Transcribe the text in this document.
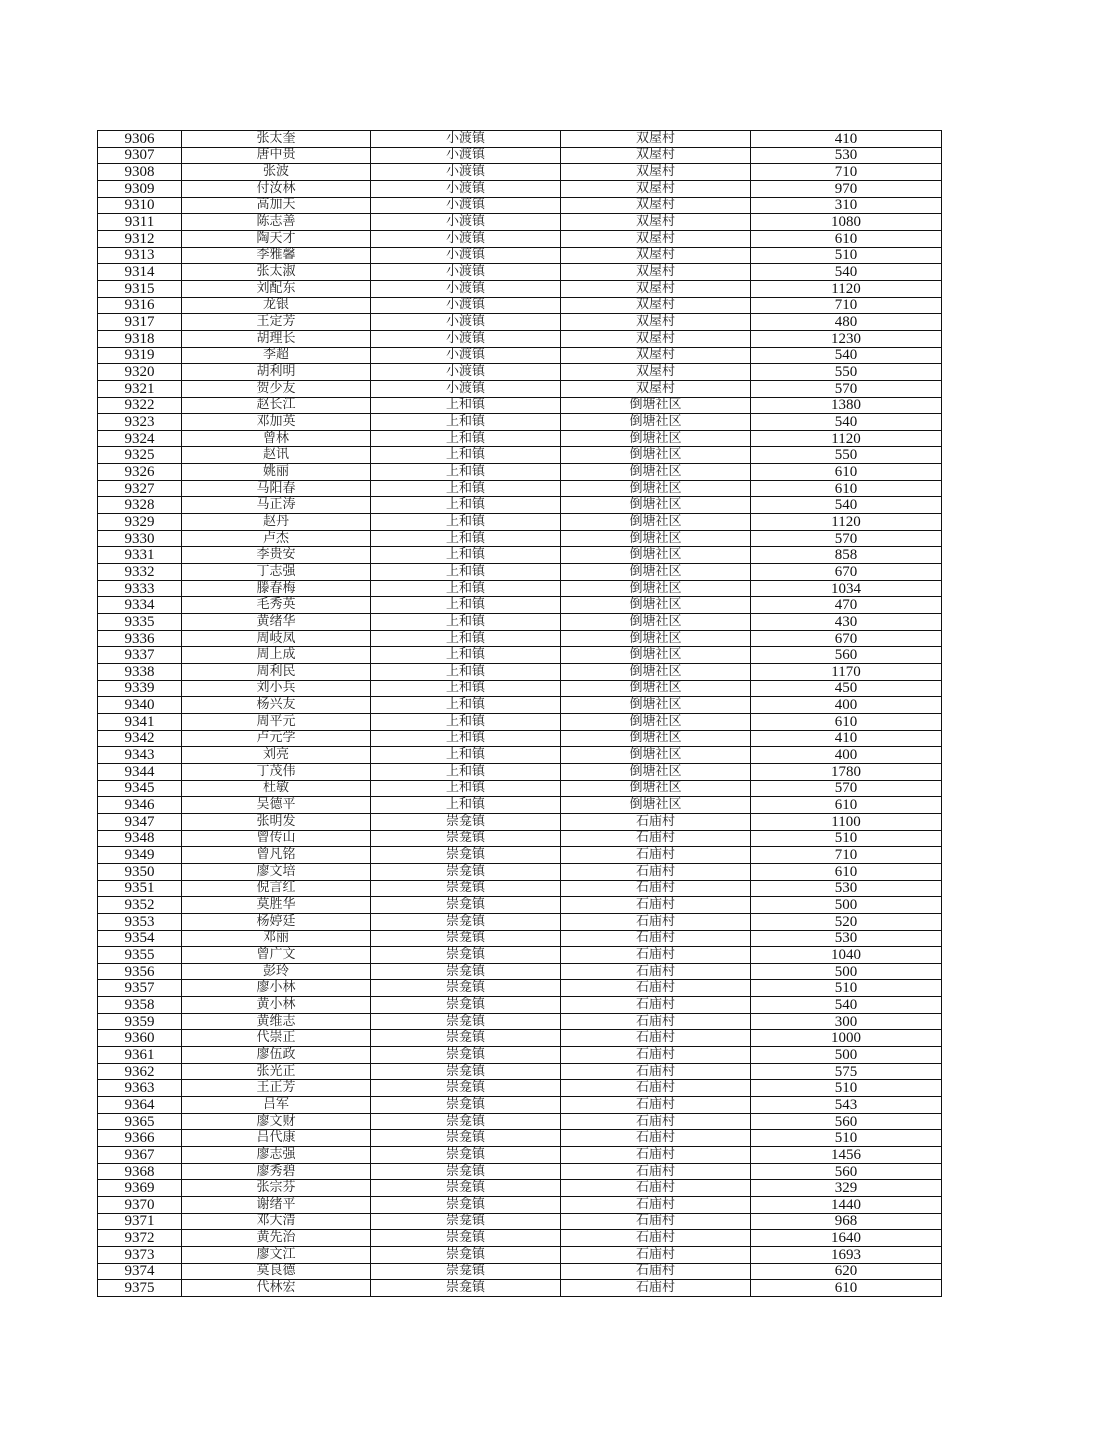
9306	张太奎	小渡镇	双屋村	410
9307	唐中贵	小渡镇	双屋村	530
9308	张波	小渡镇	双屋村	710
9309	付汝林	小渡镇	双屋村	970
9310	高加天	小渡镇	双屋村	310
9311	陈志善	小渡镇	双屋村	1080
9312	陶天才	小渡镇	双屋村	610
9313	李雅馨	小渡镇	双屋村	510
9314	张太淑	小渡镇	双屋村	540
9315	刘配东	小渡镇	双屋村	1120
9316	龙银	小渡镇	双屋村	710
9317	王定芳	小渡镇	双屋村	480
9318	胡理长	小渡镇	双屋村	1230
9319	李超	小渡镇	双屋村	540
9320	胡利明	小渡镇	双屋村	550
9321	贺少友	小渡镇	双屋村	570
9322	赵长江	上和镇	倒塘社区	1380
9323	邓加英	上和镇	倒塘社区	540
9324	曾林	上和镇	倒塘社区	1120
9325	赵讯	上和镇	倒塘社区	550
9326	姚丽	上和镇	倒塘社区	610
9327	马阳春	上和镇	倒塘社区	610
9328	马正涛	上和镇	倒塘社区	540
9329	赵丹	上和镇	倒塘社区	1120
9330	卢杰	上和镇	倒塘社区	570
9331	李贵安	上和镇	倒塘社区	858
9332	丁志强	上和镇	倒塘社区	670
9333	滕春梅	上和镇	倒塘社区	1034
9334	毛秀英	上和镇	倒塘社区	470
9335	黄绪华	上和镇	倒塘社区	430
9336	周岐凤	上和镇	倒塘社区	670
9337	周上成	上和镇	倒塘社区	560
9338	周利民	上和镇	倒塘社区	1170
9339	刘小兵	上和镇	倒塘社区	450
9340	杨兴友	上和镇	倒塘社区	400
9341	周平元	上和镇	倒塘社区	610
9342	卢元学	上和镇	倒塘社区	410
9343	刘亮	上和镇	倒塘社区	400
9344	丁茂伟	上和镇	倒塘社区	1780
9345	杜敏	上和镇	倒塘社区	570
9346	吴德平	上和镇	倒塘社区	610
9347	张明发	崇龛镇	石庙村	1100
9348	曾传山	崇龛镇	石庙村	510
9349	曾凡铭	崇龛镇	石庙村	710
9350	廖文培	崇龛镇	石庙村	610
9351	倪言红	崇龛镇	石庙村	530
9352	莫胜华	崇龛镇	石庙村	500
9353	杨婷廷	崇龛镇	石庙村	520
9354	邓丽	崇龛镇	石庙村	530
9355	曾广文	崇龛镇	石庙村	1040
9356	彭玲	崇龛镇	石庙村	500
9357	廖小林	崇龛镇	石庙村	510
9358	黄小林	崇龛镇	石庙村	540
9359	黄维志	崇龛镇	石庙村	300
9360	代崇正	崇龛镇	石庙村	1000
9361	廖伍政	崇龛镇	石庙村	500
9362	张光正	崇龛镇	石庙村	575
9363	王正芳	崇龛镇	石庙村	510
9364	吕军	崇龛镇	石庙村	543
9365	廖文财	崇龛镇	石庙村	560
9366	吕代康	崇龛镇	石庙村	510
9367	廖志强	崇龛镇	石庙村	1456
9368	廖秀碧	崇龛镇	石庙村	560
9369	张宗芬	崇龛镇	石庙村	329
9370	谢绪平	崇龛镇	石庙村	1440
9371	邓大清	崇龛镇	石庙村	968
9372	黄先治	崇龛镇	石庙村	1640
9373	廖文江	崇龛镇	石庙村	1693
9374	莫良德	崇龛镇	石庙村	620
9375	代林宏	崇龛镇	石庙村	610
